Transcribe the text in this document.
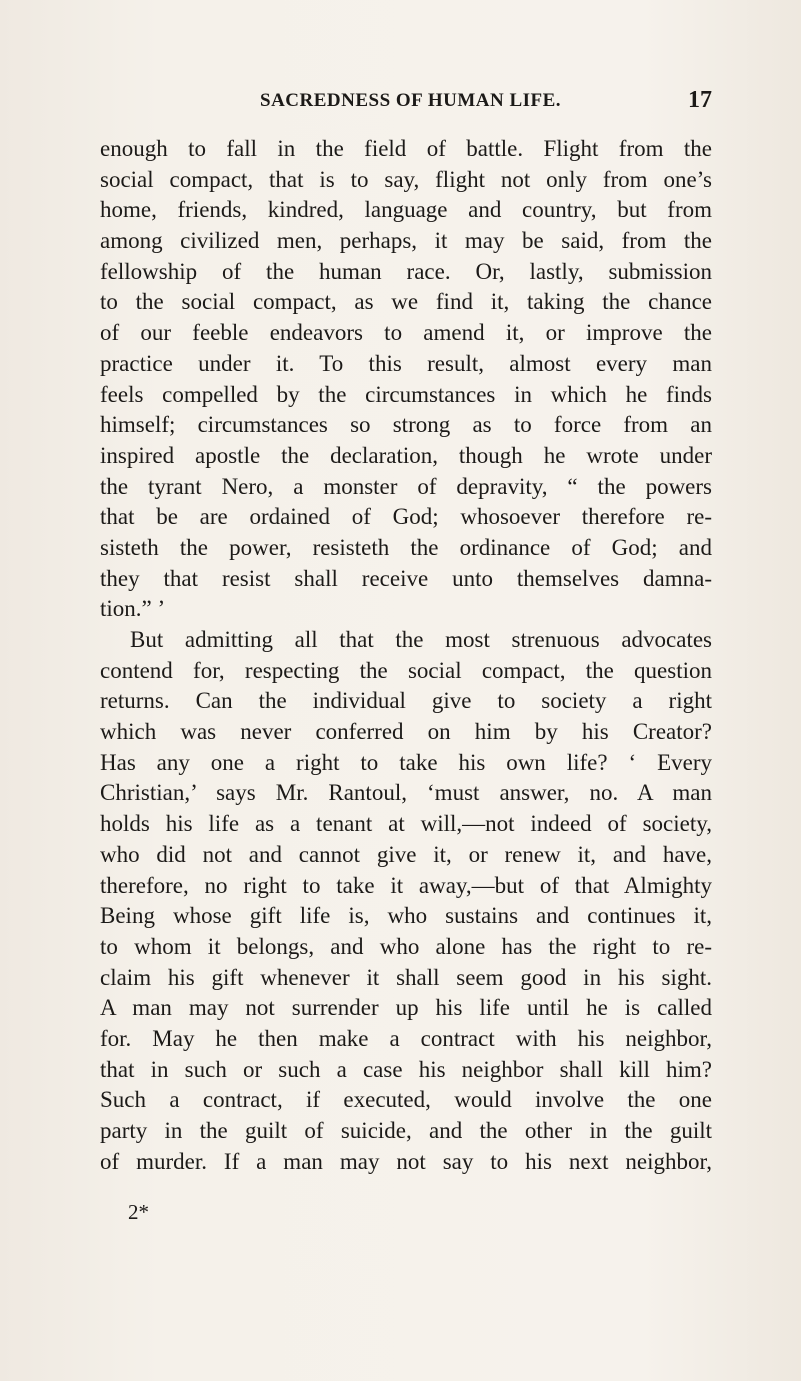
SACREDNESS OF HUMAN LIFE.	17
enough to fall in the field of battle. Flight from the
social compact, that is to say, flight not only from one’s
home, friends, kindred, language and country, but from
among civilized men, perhaps, it may be said, from the
fellowship of the human race. Or, lastly, submission
to the social compact, as we find it, taking the chance
of our feeble endeavors to amend it, or improve the
practice under it. To this result, almost every man
feels compelled by the circumstances in which he finds
himself; circumstances so strong as to force from an
inspired apostle the declaration, though he wrote under
the tyrant Nero, a monster of depravity, “ the powers
that be are ordained of God; whosoever therefore re-
sisteth the power, resisteth the ordinance of God; and
they that resist shall receive unto themselves damna-
tion.” ’
But admitting all that the most strenuous advocates
contend for, respecting the social compact, the question
returns. Can the individual give to society a right
which was never conferred on him by his Creator?
Has any one a right to take his own life? ‘ Every
Christian,’ says Mr. Rantoul, ‘must answer, no. A man
holds his life as a tenant at will,—not indeed of society,
who did not and cannot give it, or renew it, and have,
therefore, no right to take it away,—but of that Almighty
Being whose gift life is, who sustains and continues it,
to whom it belongs, and who alone has the right to re-
claim his gift whenever it shall seem good in his sight.
A man may not surrender up his life until he is called
for. May he then make a contract with his neighbor,
that in such or such a case his neighbor shall kill him?
Such a contract, if executed, would involve the one
party in the guilt of suicide, and the other in the guilt
of murder. If a man may not say to his next neighbor,
2*
